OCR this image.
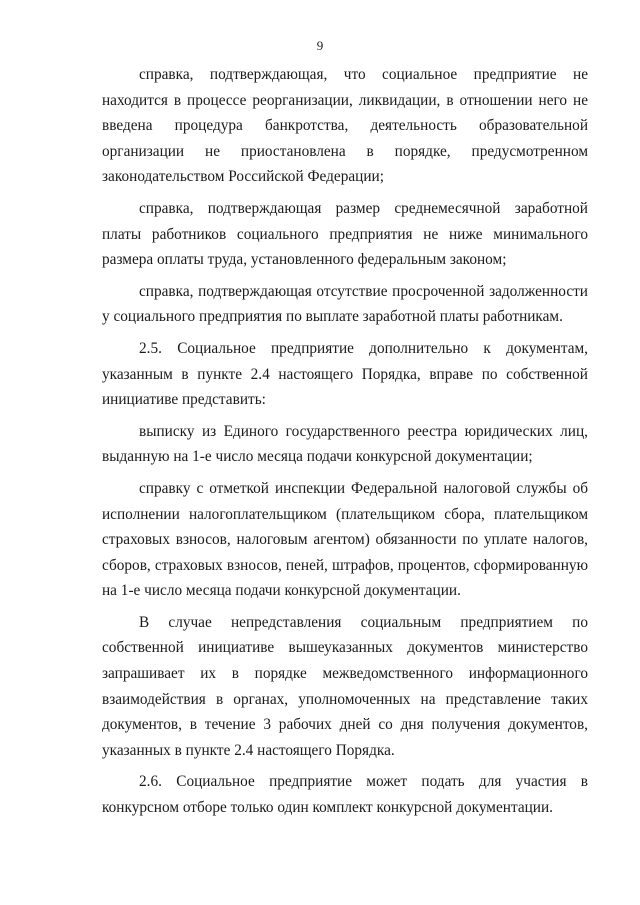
9

справка, подтверждающая, что социальное предприятие не находится в процессе реорганизации, ликвидации, в отношении него не введена процедура банкротства, деятельность образовательной организации не приостановлена в порядке, предусмотренном законодательством Российской Федерации;

справка, подтверждающая размер среднемесячной заработной платы работников социального предприятия не ниже минимального размера оплаты труда, установленного федеральным законом;

справка, подтверждающая отсутствие просроченной задолженности у социального предприятия по выплате заработной платы работникам.

2.5. Социальное предприятие дополнительно к документам, указанным в пункте 2.4 настоящего Порядка, вправе по собственной инициативе представить:

выписку из Единого государственного реестра юридических лиц, выданную на 1-е число месяца подачи конкурсной документации;

справку с отметкой инспекции Федеральной налоговой службы об исполнении налогоплательщиком (плательщиком сбора, плательщиком страховых взносов, налоговым агентом) обязанности по уплате налогов, сборов, страховых взносов, пеней, штрафов, процентов, сформированную на 1-е число месяца подачи конкурсной документации.

В случае непредставления социальным предприятием по собственной инициативе вышеуказанных документов министерство запрашивает их в порядке межведомственного информационного взаимодействия в органах, уполномоченных на представление таких документов, в течение 3 рабочих дней со дня получения документов, указанных в пункте 2.4 настоящего Порядка.

2.6. Социальное предприятие может подать для участия в конкурсном отборе только один комплект конкурсной документации.
